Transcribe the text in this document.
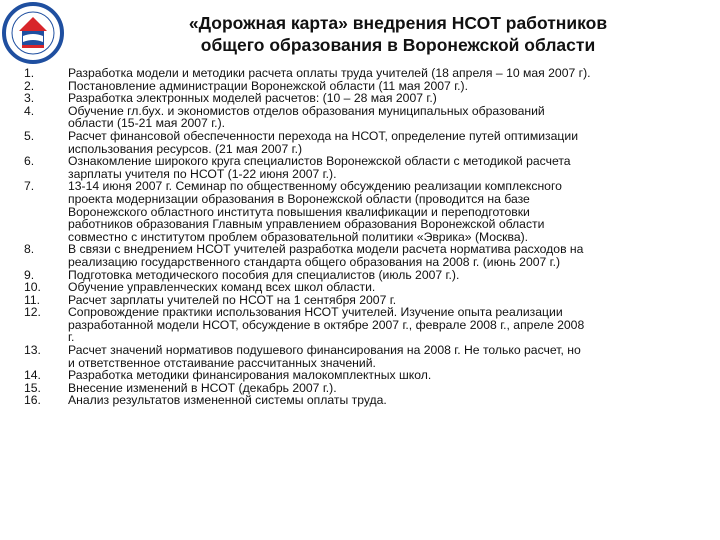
«Дорожная карта» внедрения НСОТ работников
общего образования в Воронежской области
1.	Разработка модели и методики расчета оплаты труда учителей (18 апреля – 10 мая 2007 г).
2.	Постановление администрации Воронежской области (11 мая 2007 г.).
3.	Разработка электронных моделей расчетов: (10 – 28 мая 2007 г.)
4.	Обучение гл.бух. и экономистов отделов образования муниципальных образований
области (15-21 мая 2007 г.).
5.	Расчет финансовой обеспеченности перехода на НСОТ, определение путей оптимизации
использования ресурсов. (21 мая 2007 г.)
6.	Ознакомление широкого круга специалистов Воронежской области с методикой расчета
зарплаты учителя по НСОТ (1-22 июня 2007 г.).
7.	13-14 июня 2007 г. Семинар по общественному обсуждению реализации комплексного
проекта модернизации образования в Воронежской области (проводится на базе
Воронежского областного института повышения квалификации и переподготовки
работников образования Главным управлением образования Воронежской области
совместно с институтом проблем образовательной политики «Эврика» (Москва).
8.	В связи с внедрением НСОТ учителей разработка модели расчета норматива расходов на
реализацию государственного стандарта общего образования на 2008 г. (июнь 2007 г.)
9.	Подготовка методического пособия для специалистов (июль 2007 г.).
10.	Обучение управленческих команд всех школ области.
11.	Расчет зарплаты учителей по НСОТ на 1 сентября 2007 г.
12.	Сопровождение практики использования НСОТ учителей. Изучение опыта реализации
разработанной модели НСОТ, обсуждение в октябре 2007 г., феврале 2008 г., апреле 2008
г.
13.	Расчет значений нормативов подушевого финансирования на 2008 г. Не только расчет, но
и ответственное отстаивание рассчитанных значений.
14.	Разработка методики финансирования малокомплектных школ.
15.	Внесение изменений в НСОТ (декабрь 2007 г.).
16.	Анализ результатов измененной системы оплаты труда.
